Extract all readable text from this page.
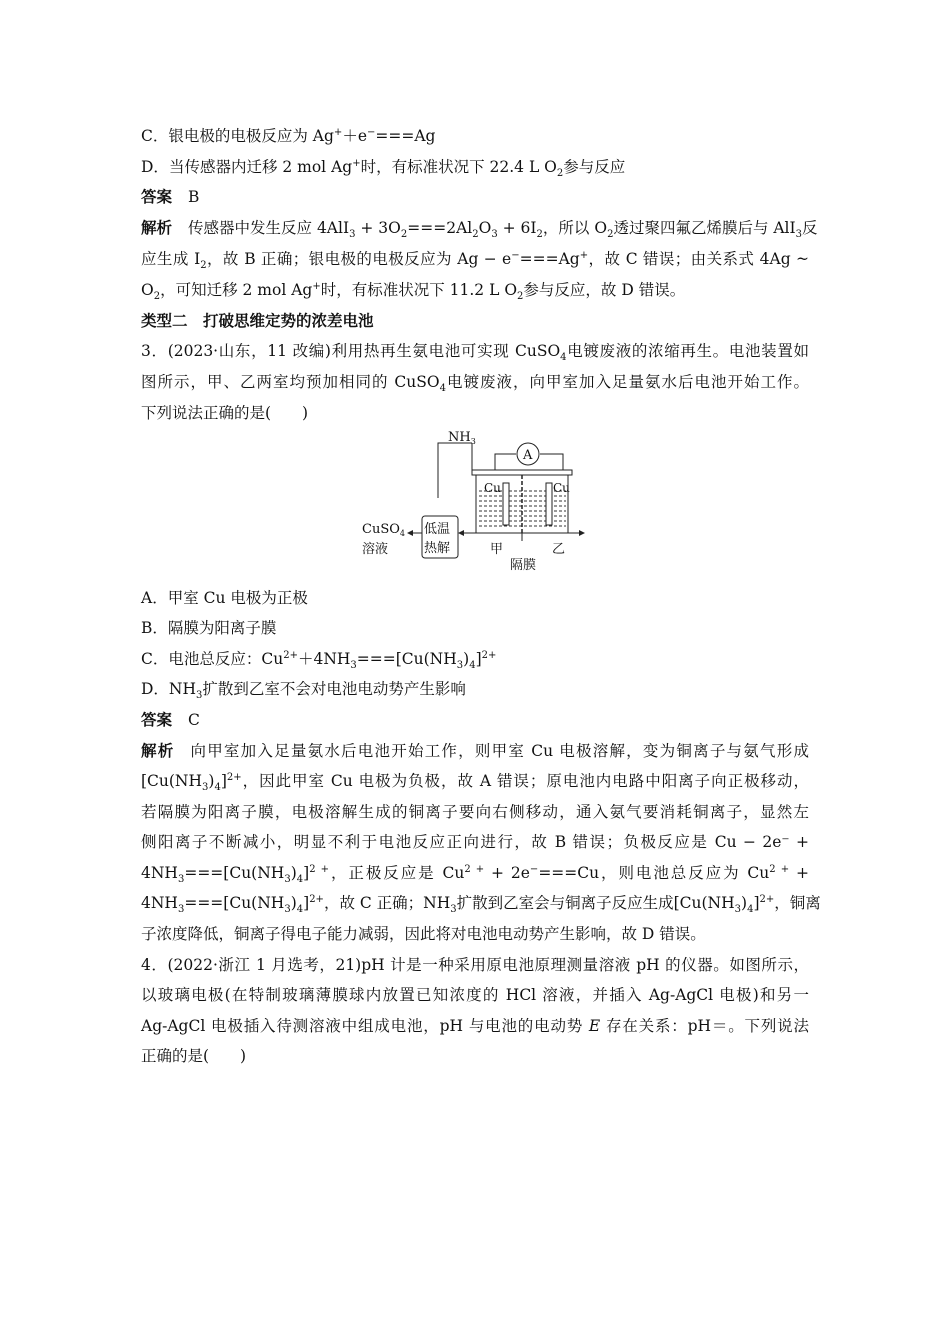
C．银电极的电极反应为 Ag+＋e−===Ag
D．当传感器内迁移 2 mol Ag+时，有标准状况下 22.4 L $O_2$参与反应
答案 B
解析 传感器中发生反应 $4AlI_3 + 3O_2===2Al_2O_3 + 6I_2$，所以 $O_2$透过聚四氟乙烯膜后与 AlI$_3$反
应生成 $I_2$，故 B 正确；银电极的电极反应为 Ag − e−===Ag+，故 C 错误；由关系式 4Ag ~
$O_2$，可知迁移 2 mol Ag+时，有标准状况下 11.2 L $O_2$参与反应，故 D 错误。
类型二　打破思维定势的浓差电池
3．(2023·山东，11 改编)利用热再生氨电池可实现 CuSO$_4$电镀废液的浓缩再生。电池装置如
图所示，甲、乙两室均预加相同的 CuSO$_4$电镀废液，向甲室加入足量氨水后电池开始工作。
下列说法正确的是(　　)
$NH_3$
A
Cu	Cu
低温
热解
CuSO$_4$
溶液	甲	乙
隔膜
A．甲室 Cu 电极为正极
B．隔膜为阳离子膜
C．电池总反应：$Cu^{2+}+4NH_3===[Cu(NH_3)_4]^{2+}$
D．$NH_3$扩散到乙室不会对电池电动势产生影响
答案 C
解析 向甲室加入足量氨水后电池开始工作，则甲室 Cu 电极溶解，变为铜离子与氨气形成
$[Cu(NH_3)_4]^{2+}$，因此甲室 Cu 电极为负极，故 A 错误；原电池内电路中阳离子向正极移动，
若隔膜为阳离子膜，电极溶解生成的铜离子要向右侧移动，通入氨气要消耗铜离子，显然左
侧阳离子不断减小，明显不利于电池反应正向进行，故 B 错误；负极反应是 Cu − 2e⁻ +
$4NH_3===[Cu(NH_3)_4]^{2 +}$，正极反应是 $Cu^{2 +} + 2e^-===Cu$，则电池总反应为 $Cu^{2 +}$ +
$4NH_3===[Cu(NH_3)_4]^{2+}$，故 C 正确；$NH_3$扩散到乙室会与铜离子反应生成$[Cu(NH_3)_4]^{2+}$，铜离
子浓度降低，铜离子得电子能力减弱，因此将对电池电动势产生影响，故 D 错误。
4．(2022·浙江 1 月选考，21)pH 计是一种采用原电池原理测量溶液 pH 的仪器。如图所示，
以玻璃电极(在特制玻璃薄膜球内放置已知浓度的 HCl 溶液，并插入 Ag-AgCl 电极)和另一
Ag-AgCl 电极插入待测溶液中组成电池，pH 与电池的电动势 E 存在关系：pH＝。下列说法
正确的是(　　)
